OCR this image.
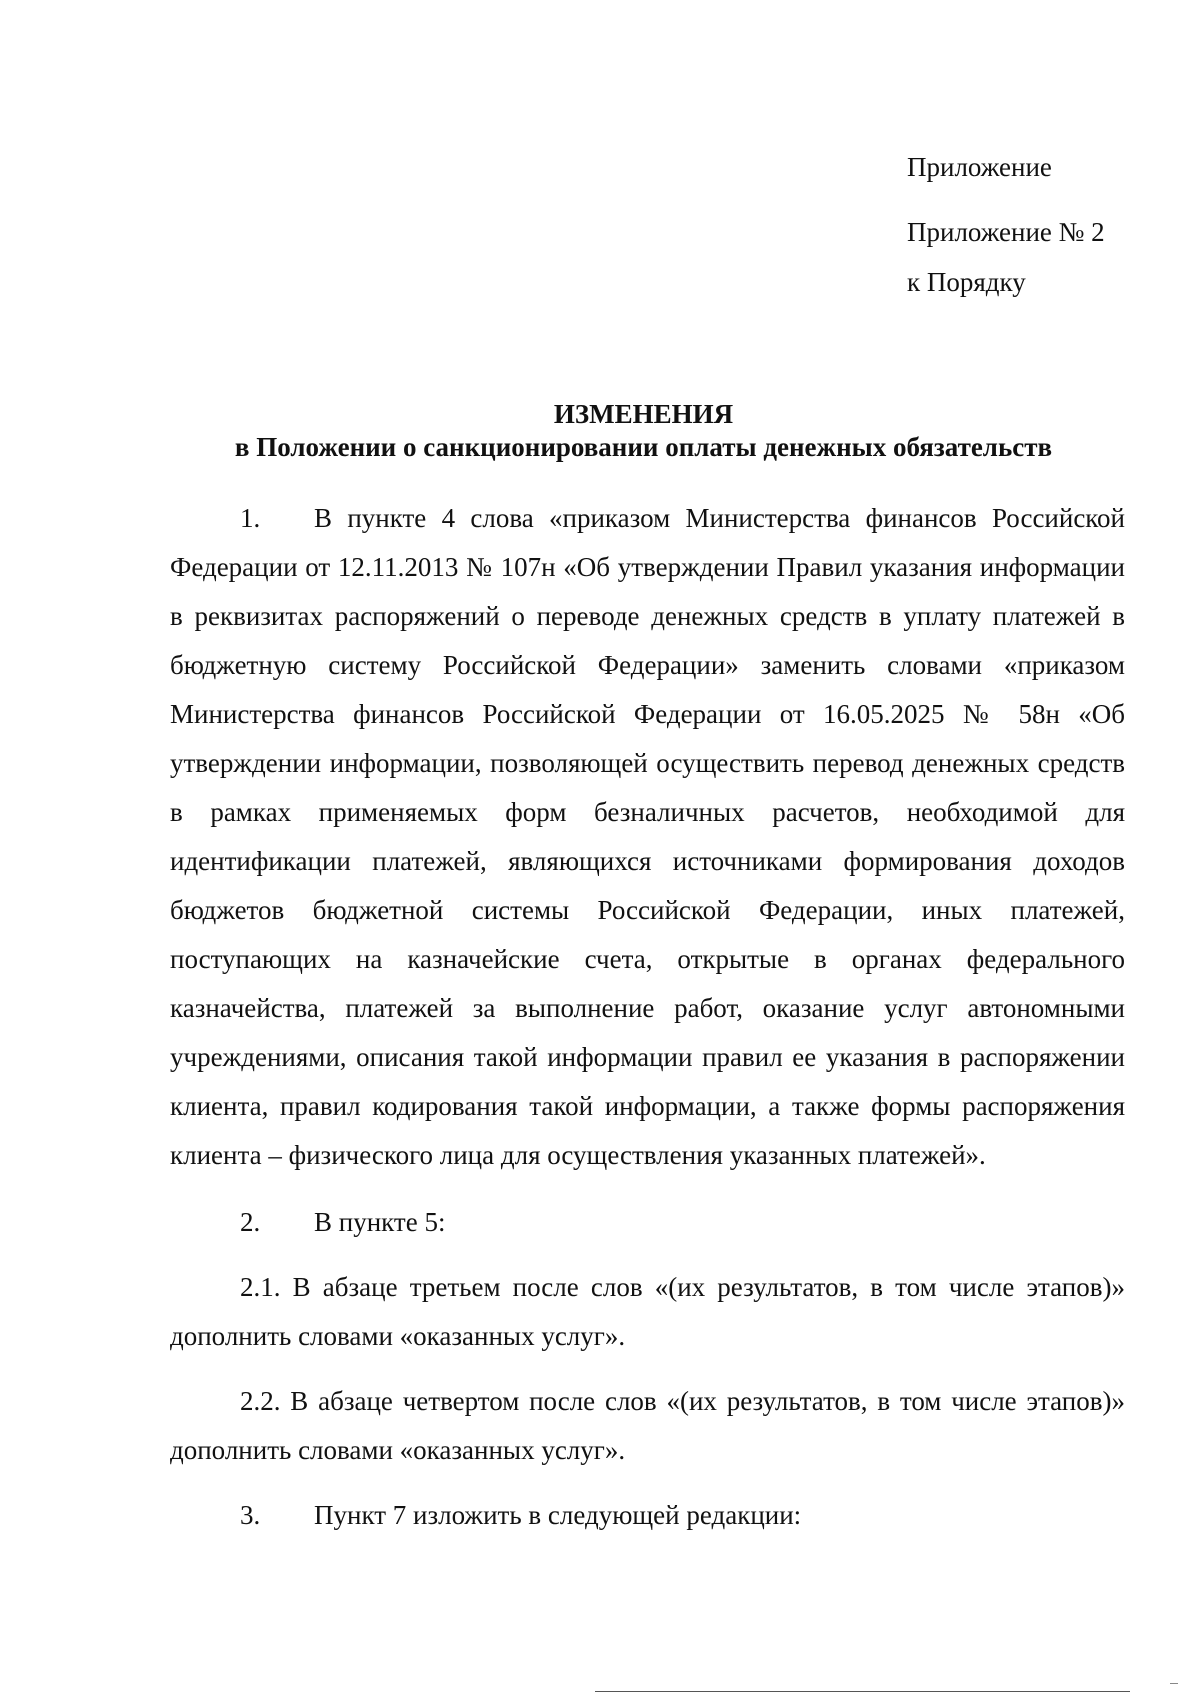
Приложение
Приложение № 2
к Порядку
ИЗМЕНЕНИЯ
в Положении о санкционировании оплаты денежных обязательств

1. В пункте 4 слова «приказом Министерства финансов Российской Федерации от 12.11.2013 № 107н «Об утверждении Правил указания информации в реквизитах распоряжений о переводе денежных средств в уплату платежей в бюджетную систему Российской Федерации» заменить словами «приказом Министерства финансов Российской Федерации от 16.05.2025 № 58н «Об утверждении информации, позволяющей осуществить перевод денежных средств в рамках применяемых форм безналичных расчетов, необходимой для идентификации платежей, являющихся источниками формирования доходов бюджетов бюджетной системы Российской Федерации, иных платежей, поступающих на казначейские счета, открытые в органах федерального казначейства, платежей за выполнение работ, оказание услуг автономными учреждениями, описания такой информации правил ее указания в распоряжении клиента, правил кодирования такой информации, а также формы распоряжения клиента – физического лица для осуществления указанных платежей».

2. В пункте 5:

2.1. В абзаце третьем после слов «(их результатов, в том числе этапов)» дополнить словами «оказанных услуг».

2.2. В абзаце четвертом после слов «(их результатов, в том числе этапов)» дополнить словами «оказанных услуг».

3. Пункт 7 изложить в следующей редакции:
